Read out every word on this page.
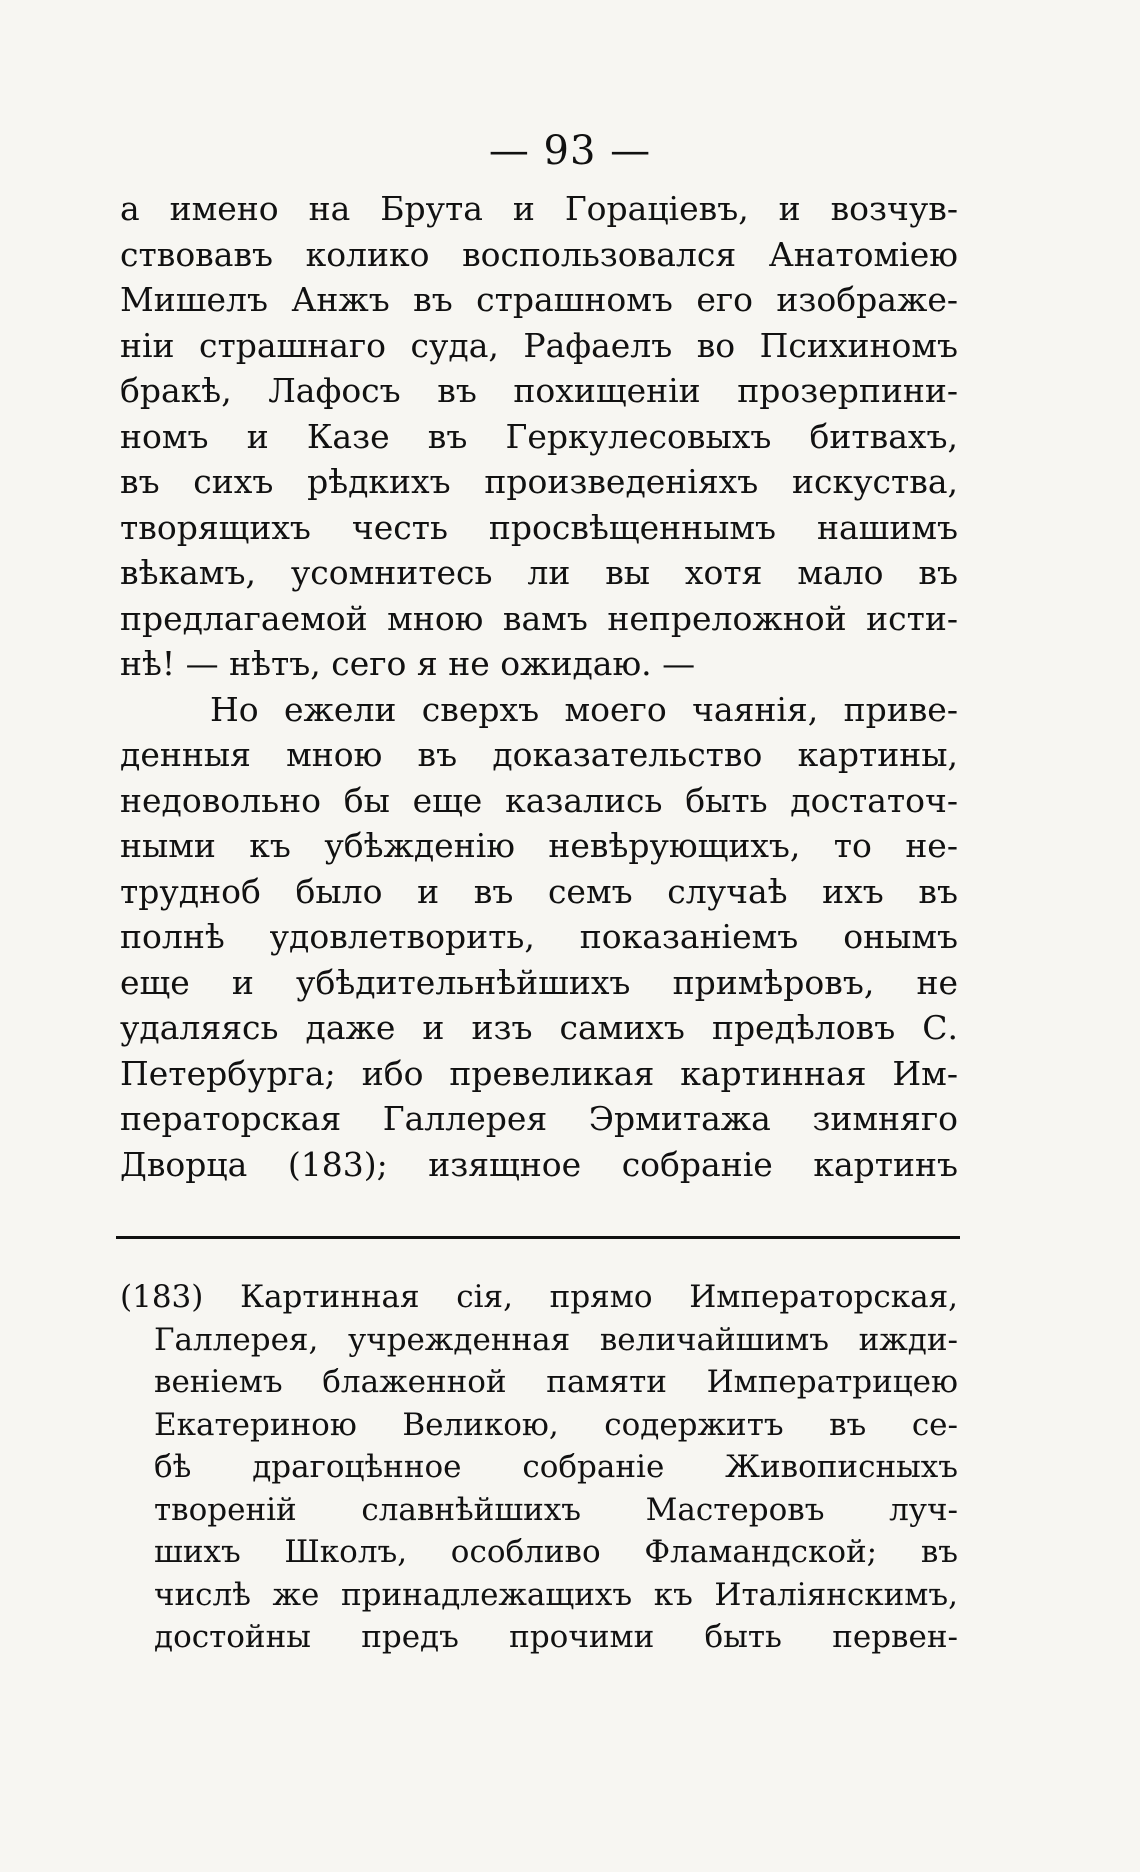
— 93 —
а имено на Брута и Гораціевъ, и возчув-
ствовавъ колико воспользовался Анатоміею
Мишелъ Анжъ въ страшномъ его изображе-
ніи страшнаго суда, Рафаелъ во Психиномъ
бракѣ, Лафосъ въ похищеніи прозерпини-
номъ и Казе въ Геркулесовыхъ битвахъ,
въ сихъ рѣдкихъ произведеніяхъ искуства,
творящихъ честь просвѣщеннымъ нашимъ
вѣкамъ, усомнитесь ли вы хотя мало въ
предлагаемой мною вамъ непреложной исти-
нѣ! — нѣтъ, сего я не ожидаю. —
Но ежели сверхъ моего чаянія, приве-
денныя мною въ доказательство картины,
недовольно бы еще казались быть достаточ-
ными къ убѣжденію невѣрующихъ, то не-
трудноб было и въ семъ случаѣ ихъ въ
полнѣ удовлетворить, показаніемъ онымъ
еще и убѣдительнѣйшихъ примѣровъ, не
удаляясь даже и изъ самихъ предѣловъ С.
Петербурга; ибо превеликая картинная Им-
ператорская Галлерея Эрмитажа зимняго
Дворца (183); изящное собраніе картинъ
(183) Картинная сія, прямо Императорская,
Галлерея, учрежденная величайшимъ ижди-
веніемъ блаженной памяти Императрицею
Екатериною Великою, содержитъ въ се-
бѣ драгоцѣнное собраніе Живописныхъ
твореній славнѣйшихъ Мастеровъ луч-
шихъ Школъ, особливо Фламандской; въ
числѣ же принадлежащихъ къ Италіянскимъ,
достойны предъ прочими быть первен-
